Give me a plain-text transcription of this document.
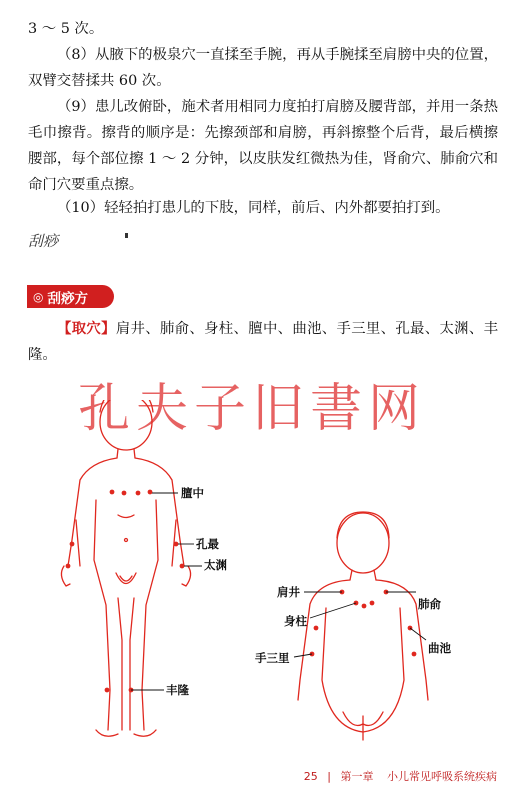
3 ～ 5 次。

（8）从腋下的极泉穴一直揉至手腕，再从手腕揉至肩膀中央的位置，双臂交替揉共 60 次。

（9）患儿改俯卧，施术者用相同力度拍打肩膀及腰背部，并用一条热毛巾擦背。擦背的顺序是：先擦颈部和肩膀，再斜擦整个后背，最后横擦腰部，每个部位擦 1 ～ 2 分钟，以皮肤发红微热为佳，肾俞穴、肺俞穴和命门穴要重点擦。

（10）轻轻拍打患儿的下肢，同样，前后、内外都要拍打到。

刮痧
◎ 刮痧方

【取穴】肩井、肺俞、身柱、膻中、曲池、手三里、孔最、太渊、丰隆。

孔夫子旧書网
膻中
孔最
太渊
丰隆
肩井
肺俞
身柱
曲池
手三里
25 | 第一章 小儿常见呼吸系统疾病
